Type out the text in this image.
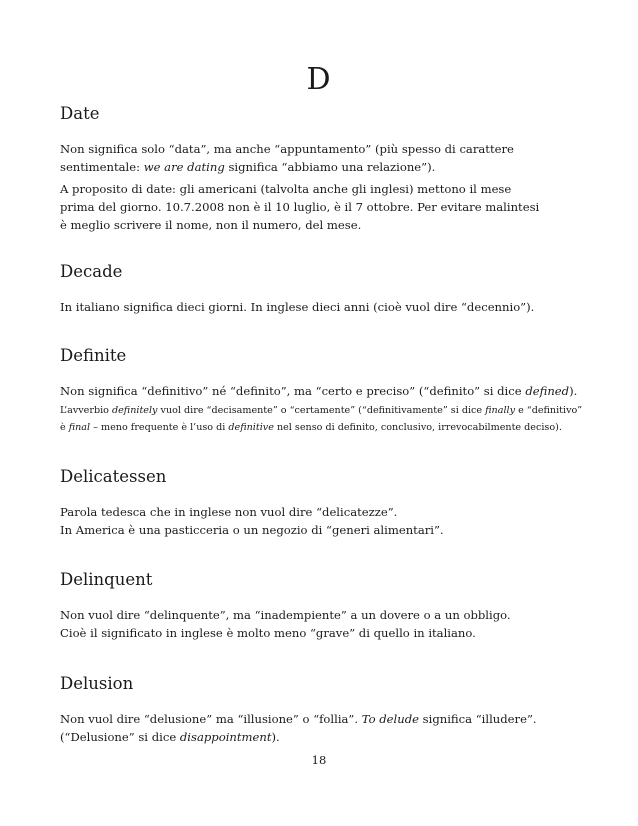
D
Date

Non significa solo “data”, ma anche “appuntamento” (più spesso di carattere
sentimentale: we are dating significa “abbiamo una relazione”).

A proposito di date: gli americani (talvolta anche gli inglesi) mettono il mese
prima del giorno. 10.7.2008 non è il 10 luglio, è il 7 ottobre. Per evitare malintesi
è meglio scrivere il nome, non il numero, del mese.

Decade

In italiano significa dieci giorni. In inglese dieci anni (cioè vuol dire “decennio”).

Definite

Non significa “definitivo” né “definito”, ma “certo e preciso” (“definito” si dice defined).

L’avverbio definitely vuol dire “decisamente” o “certamente” (“definitivamente” si dice finally e “definitivo”
è final – meno frequente è l’uso di definitive nel senso di definito, conclusivo, irrevocabilmente deciso).

Delicatessen

Parola tedesca che in inglese non vuol dire “delicatezze”.
In America è una pasticceria o un negozio di “generi alimentari”.

Delinquent

Non vuol dire “delinquente”, ma “inadempiente” a un dovere o a un obbligo.
Cioè il significato in inglese è molto meno “grave” di quello in italiano.

Delusion

Non vuol dire “delusione” ma “illusione” o “follia”. To delude significa “illudere”.
(“Delusione” si dice disappointment).

18
